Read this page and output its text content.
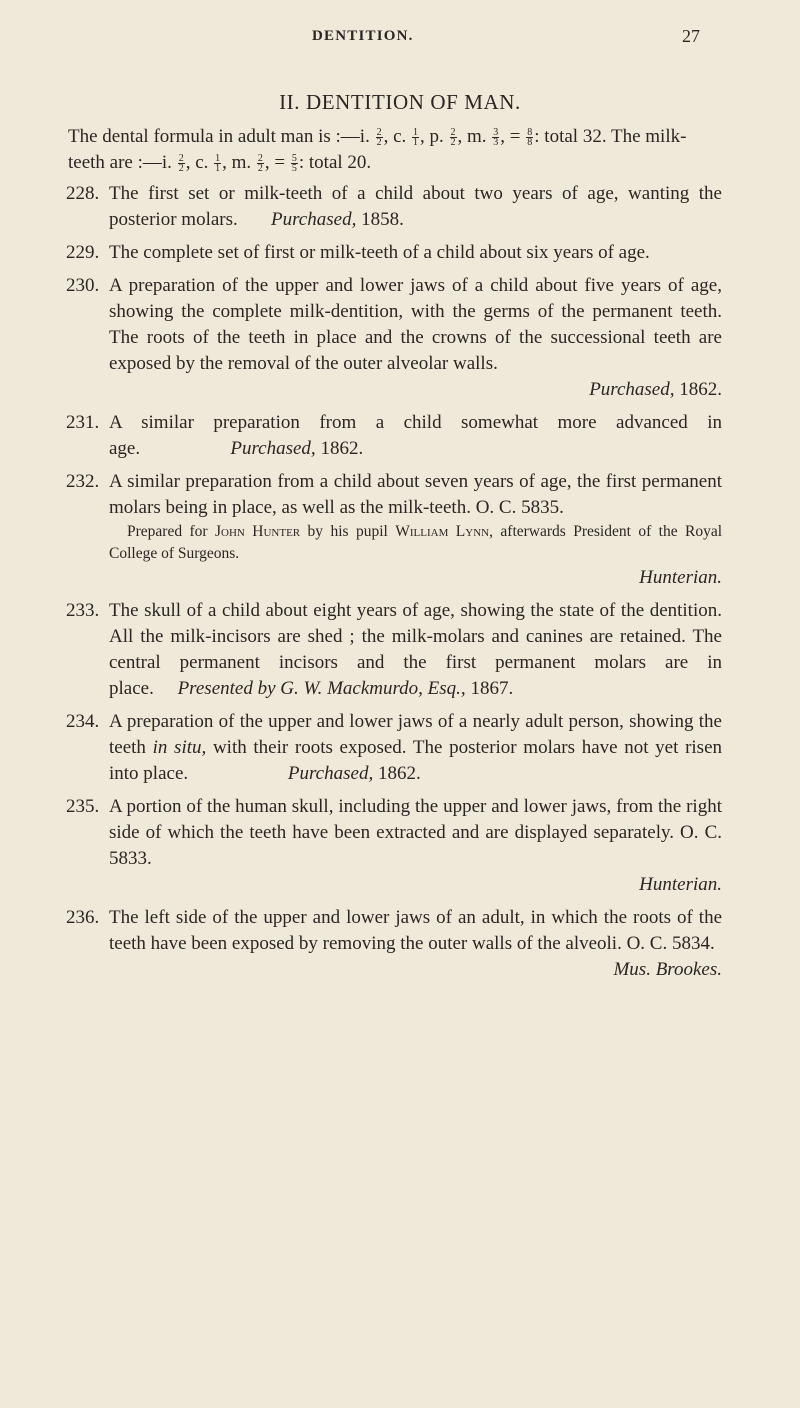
DENTITION.	27
II. DENTITION OF MAN.

The dental formula in adult man is :—i. $\frac{2}{2}$ , c. $\frac{1}{1}$ , p. $\frac{2}{2}$ , m. $\frac{3}{3}$ , = $\frac{8}{8}$ : total 32. The milk-teeth are :—i. $\frac{2}{2}$ , c. $\frac{1}{1}$ , m. $\frac{2}{2}$ , = $\frac{5}{5}$ : total 20.

228. The first set or milk-teeth of a child about two years of age, wanting the posterior molars. Purchased, 1858.
229. The complete set of first or milk-teeth of a child about six years of age.
230. A preparation of the upper and lower jaws of a child about five years of age, showing the complete milk-dentition, with the germs of the permanent teeth. The roots of the teeth in place and the crowns of the successional teeth are exposed by the removal of the outer alveolar walls.
Purchased, 1862.
231. A similar preparation from a child somewhat more advanced in age.	Purchased, 1862.
232. A similar preparation from a child about seven years of age, the first permanent molars being in place, as well as the milk-teeth. O. C. 5835.

Prepared for John Hunter by his pupil William Lynn, afterwards President of the Royal College of Surgeons.

Hunterian.
233. The skull of a child about eight years of age, showing the state of the dentition. All the milk-incisors are shed ; the milk-molars and canines are retained. The central permanent incisors and the first permanent molars are in place. Presented by G. W. Mackmurdo, Esq., 1867.
234. A preparation of the upper and lower jaws of a nearly adult person, showing the teeth in situ, with their roots exposed. The posterior molars have not yet risen into place.	Purchased, 1862.
235. A portion of the human skull, including the upper and lower jaws, from the right side of which the teeth have been extracted and are displayed separately. O. C. 5833.
Hunterian.
236. The left side of the upper and lower jaws of an adult, in which the roots of the teeth have been exposed by removing the outer walls of the alveoli. O. C. 5834.
Mus. Brookes.
